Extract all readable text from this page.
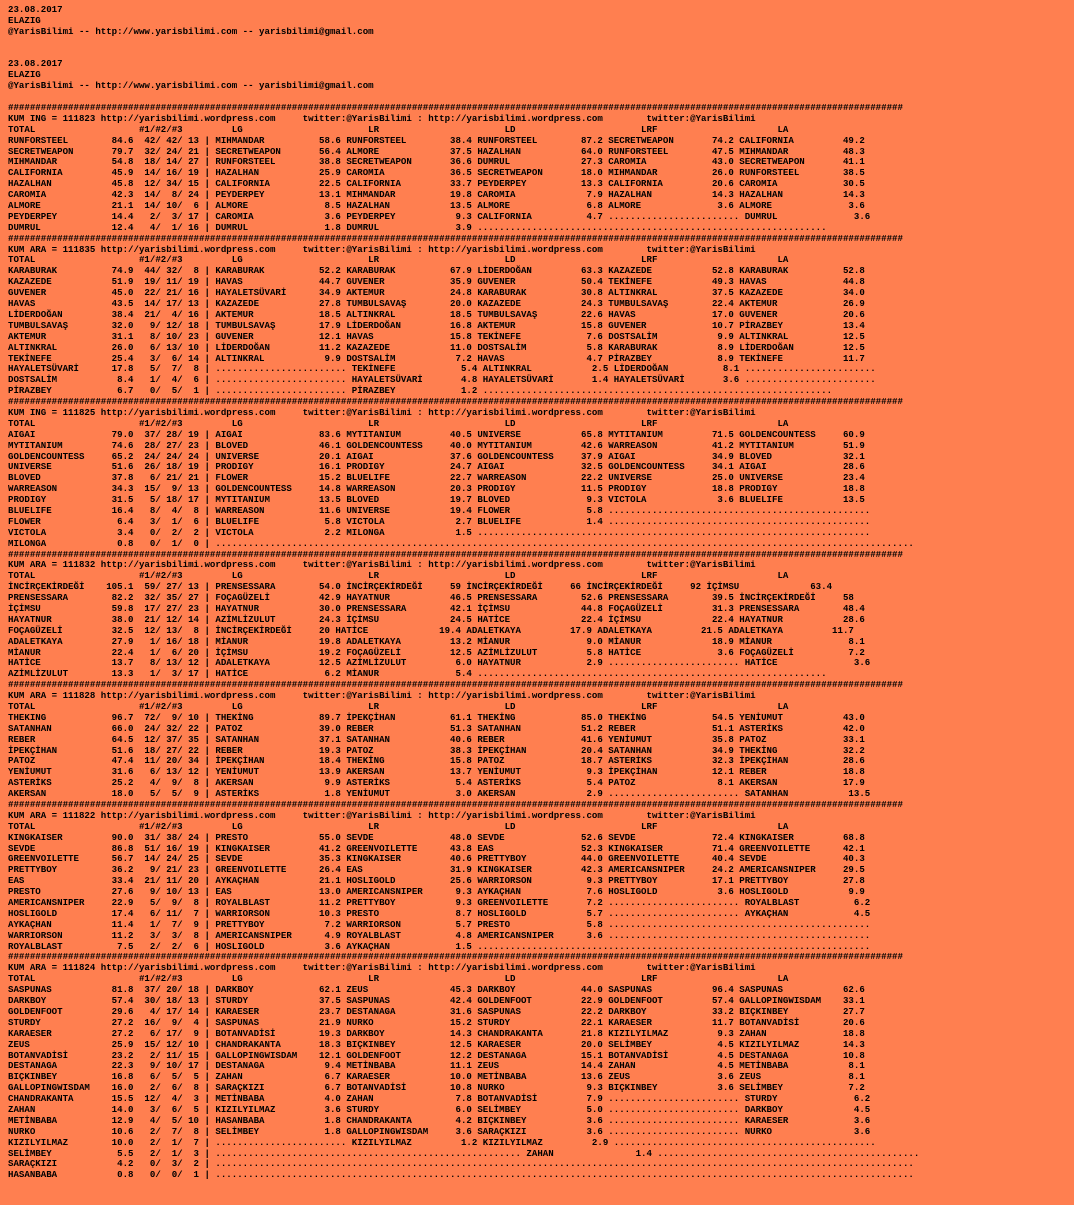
23.08.2017
ELAZIG
@YarisBilimi -- http://www.yarisbilimi.com -- yarisbilimi@gmail.com

23.08.2017
ELAZIG
@YarisBilimi -- http://www.yarisbilimi.com -- yarisbilimi@gmail.com

####################################################################################################################################################################
KUM ING = 111823 http://yarisbilimi.wordpress.com     twitter:@YarisBilimi : http://yarisbilimi.wordpress.com        twitter:@YarisBilimi
TOTAL                   #1/#2/#3         LG                       LR                       LD                       LRF                      LA
RUNFORSTEEL        84.6  42/ 42/ 13 | MIHMANDAR          58.6 RUNFORSTEEL        38.4 RUNFORSTEEL        87.2 SECRETWEAPON       74.2 CALIFORNIA         49.2
SECRETWEAPON       79.7  32/ 24/ 21 | SECRETWEAPON       56.4 ALMORE             37.5 HAZALHAN           64.0 RUNFORSTEEL        47.5 MIHMANDAR          48.3
MIHMANDAR          54.8  18/ 14/ 27 | RUNFORSTEEL        38.8 SECRETWEAPON       36.6 DUMRUL             27.3 CAROMIA            43.0 SECRETWEAPON       41.1
CALIFORNIA         45.9  14/ 16/ 19 | HAZALHAN           25.9 CAROMIA            36.5 SECRETWEAPON       18.0 MIHMANDAR          26.0 RUNFORSTEEL        38.5
HAZALHAN           45.8  12/ 34/ 15 | CALIFORNIA         22.5 CALIFORNIA         33.7 PEYDERPEY          13.3 CALIFORNIA         20.6 CAROMIA            30.5
CAROMIA            42.3  14/  8/ 24 | PEYDERPEY          13.1 MIHMANDAR          19.8 CAROMIA             7.9 HAZALHAN           14.3 HAZALHAN           14.3
ALMORE             21.1  14/ 10/  6 | ALMORE              8.5 HAZALHAN           13.5 ALMORE              6.8 ALMORE              3.6 ALMORE              3.6
PEYDERPEY          14.4   2/  3/ 17 | CAROMIA             3.6 PEYDERPEY           9.3 CALIFORNIA          4.7 ........................ DUMRUL              3.6
DUMRUL             12.4   4/  1/ 16 | DUMRUL              1.8 DUMRUL              3.9 ................................................................
####################################################################################################################################################################
KUM ARA = 111835 http://yarisbilimi.wordpress.com     twitter:@YarisBilimi : http://yarisbilimi.wordpress.com        twitter:@YarisBilimi
TOTAL                   #1/#2/#3         LG                       LR                       LD                       LRF                      LA
KARABURAK          74.9  44/ 32/  8 | KARABURAK          52.2 KARABURAK          67.9 LİDERDOĞAN         63.3 KAZAZEDE           52.8 KARABURAK          52.8
KAZAZEDE           51.9  19/ 11/ 19 | HAVAS              44.7 GUVENER            35.9 GUVENER            50.4 TEKİNEFE           49.3 HAVAS              44.8
GUVENER            45.0  22/ 21/ 16 | HAYALETSÜVARİ      34.9 AKTEMUR            24.8 KARABURAK          30.8 ALTINKRAL          37.5 KAZAZEDE           34.0
HAVAS              43.5  14/ 17/ 13 | KAZAZEDE           27.8 TUMBULSAVAŞ        20.0 KAZAZEDE           24.3 TUMBULSAVAŞ        22.4 AKTEMUR            26.9
LİDERDOĞAN         38.4  21/  4/ 16 | AKTEMUR            18.5 ALTINKRAL          18.5 TUMBULSAVAŞ        22.6 HAVAS              17.0 GUVENER            20.6
TUMBULSAVAŞ        32.0   9/ 12/ 18 | TUMBULSAVAŞ        17.9 LİDERDOĞAN         16.8 AKTEMUR            15.8 GUVENER            10.7 PİRAZBEY           13.4
AKTEMUR            31.1   8/ 10/ 23 | GUVENER            12.1 HAVAS              15.8 TEKİNEFE            7.6 DOSTSALİM           9.9 ALTINKRAL          12.5
ALTINKRAL          26.0   6/ 13/ 10 | LİDERDOĞAN         11.2 KAZAZEDE           11.0 DOSTSALİM           5.8 KARABURAK           8.9 LİDERDOĞAN         12.5
TEKİNEFE           25.4   3/  6/ 14 | ALTINKRAL           9.9 DOSTSALİM           7.2 HAVAS               4.7 PİRAZBEY            8.9 TEKİNEFE           11.7
HAYALETSÜVARİ      17.8   5/  7/  8 | ........................ TEKİNEFE            5.4 ALTINKRAL           2.5 LİDERDOĞAN          8.1 ........................
DOSTSALİM           8.4   1/  4/  6 | ........................ HAYALETSÜVARİ       4.8 HAYALETSÜVARİ       1.4 HAYALETSÜVARİ       3.6 ........................
PİRAZBEY            6.7   0/  5/  1 | ........................ PİRAZBEY            1.2 ................................................................
####################################################################################################################################################################
KUM ING = 111825 http://yarisbilimi.wordpress.com     twitter:@YarisBilimi : http://yarisbilimi.wordpress.com        twitter:@YarisBilimi
TOTAL                   #1/#2/#3         LG                       LR                       LD                       LRF                      LA
AIGAI              79.0  37/ 28/ 19 | AIGAI              83.6 MYTITANIUM         40.5 UNIVERSE           65.8 MYTITANIUM         71.5 GOLDENCOUNTESS     60.9
MYTITANIUM         74.6  28/ 27/ 23 | BLOVED             46.1 GOLDENCOUNTESS     40.0 MYTITANIUM         42.6 WARREASON          41.2 MYTITANIUM         51.9
GOLDENCOUNTESS     65.2  24/ 24/ 24 | UNIVERSE           20.1 AIGAI              37.6 GOLDENCOUNTESS     37.9 AIGAI              34.9 BLOVED             32.1
UNIVERSE           51.6  26/ 18/ 19 | PRODIGY            16.1 PRODIGY            24.7 AIGAI              32.5 GOLDENCOUNTESS     34.1 AIGAI              28.6
BLOVED             37.8   6/ 21/ 21 | FLOWER             15.2 BLUELIFE           22.7 WARREASON          22.2 UNIVERSE           25.0 UNIVERSE           23.4
WARREASON          34.3  15/  9/ 13 | GOLDENCOUNTESS     14.8 WARREASON          20.3 PRODIGY            11.5 PRODIGY            18.8 PRODIGY            18.8
PRODIGY            31.5   5/ 18/ 17 | MYTITANIUM         13.5 BLOVED             19.7 BLOVED              9.3 VICTOLA             3.6 BLUELIFE           13.5
BLUELIFE           16.4   8/  4/  8 | WARREASON          11.6 UNIVERSE           19.4 FLOWER              5.8 ................................................
FLOWER              6.4   3/  1/  6 | BLUELIFE            5.8 VICTOLA             2.7 BLUELIFE            1.4 ................................................
VICTOLA             3.4   0/  2/  2 | VICTOLA             2.2 MILONGA             1.5 ........................................................................
MILONGA             0.8   0/  1/  0 | ................................................................................................................................
####################################################################################################################################################################
KUM ARA = 111832 http://yarisbilimi.wordpress.com     twitter:@YarisBilimi : http://yarisbilimi.wordpress.com        twitter:@YarisBilimi
TOTAL                   #1/#2/#3         LG                       LR                       LD                       LRF                      LA
İNCİRÇEKİRDEĞİ    105.1  59/ 27/ 13 | PRENSESSARA        54.0 İNCİRÇEKİRDEĞİ     59 İNCİRÇEKİRDEĞİ     66 İNCİRÇEKİRDEĞİ     92 İÇİMSU             63.4
PRENSESSARA        82.2  32/ 35/ 27 | FOÇAGÜZELİ         42.9 HAYATNUR           46.5 PRENSESSARA        52.6 PRENSESSARA        39.5 İNCİRÇEKİRDEĞİ     58
İÇİMSU             59.8  17/ 27/ 23 | HAYATNUR           30.0 PRENSESSARA        42.1 İÇİMSU             44.8 FOÇAGÜZELİ         31.3 PRENSESSARA        48.4
HAYATNUR           38.0  21/ 12/ 14 | AZİMLİZULUT        24.3 İÇİMSU             24.5 HATİCE             22.4 İÇİMSU             22.4 HAYATNUR           28.6
FOÇAGÜZELİ         32.5  12/ 13/  8 | İNCİRÇEKİRDEĞİ     20 HATİCE             19.4 ADALETKAYA         17.9 ADALETKAYA         21.5 ADALETKAYA         11.7
ADALETKAYA         27.9   1/ 16/ 18 | MİANUR             19.8 ADALETKAYA         13.2 MİANUR              9.0 MİANUR             18.9 MİANUR              8.1
MİANUR             22.4   1/  6/ 20 | İÇİMSU             19.2 FOÇAGÜZELİ         12.5 AZİMLİZULUT         5.8 HATİCE              3.6 FOÇAGÜZELİ          7.2
HATİCE             13.7   8/ 13/ 12 | ADALETKAYA         12.5 AZİMLİZULUT         6.0 HAYATNUR            2.9 ........................ HATİCE              3.6
AZİMLİZULUT        13.3   1/  3/ 17 | HATİCE              6.2 MİANUR              5.4 ................................................................
####################################################################################################################################################################
KUM ARA = 111828 http://yarisbilimi.wordpress.com     twitter:@YarisBilimi : http://yarisbilimi.wordpress.com        twitter:@YarisBilimi
TOTAL                   #1/#2/#3         LG                       LR                       LD                       LRF                      LA
THEKING            96.7  72/  9/ 10 | THEKİNG            89.7 İPEKÇİHAN          61.1 THEKİNG            85.0 THEKİNG            54.5 YENİUMUT           43.0
SATANHAN           66.0  24/ 32/ 22 | PATOZ              39.0 REBER              51.3 SATANHAN           51.2 REBER              51.1 ASTERİKS           42.0
REBER              64.5  12/ 37/ 35 | SATANHAN           37.1 SATANHAN           40.6 REBER              41.6 YENİUMUT           35.8 PATOZ              33.1
İPEKÇİHAN          51.6  18/ 27/ 22 | REBER              19.3 PATOZ              38.3 İPEKÇİHAN          20.4 SATANHAN           34.9 THEKİNG            32.2
PATOZ              47.4  11/ 20/ 34 | İPEKÇİHAN          18.4 THEKİNG            15.8 PATOZ              18.7 ASTERİKS           32.3 İPEKÇİHAN          28.6
YENİUMUT           31.6   6/ 13/ 12 | YENİUMUT           13.9 AKERSAN            13.7 YENİUMUT            9.3 İPEKÇİHAN          12.1 REBER              18.8
ASTERİKS           25.2   4/  9/  8 | AKERSAN             9.9 ASTERİKS            5.4 ASTERİKS            5.4 PATOZ               8.1 AKERSAN            17.9
AKERSAN            18.0   5/  5/  9 | ASTERİKS            1.8 YENİUMUT            3.0 AKERSAN             2.9 ........................ SATANHAN           13.5
####################################################################################################################################################################
KUM ARA = 111822 http://yarisbilimi.wordpress.com     twitter:@YarisBilimi : http://yarisbilimi.wordpress.com        twitter:@YarisBilimi
TOTAL                   #1/#2/#3         LG                       LR                       LD                       LRF                      LA
KINGKAISER         90.0  31/ 38/ 24 | PRESTO             55.0 SEVDE              48.0 SEVDE              52.6 SEVDE              72.4 KINGKAISER         68.8
SEVDE              86.8  51/ 16/ 19 | KINGKAISER         41.2 GREENVOILETTE      43.8 EAS                52.3 KINGKAISER         71.4 GREENVOILETTE      42.1
GREENVOILETTE      56.7  14/ 24/ 25 | SEVDE              35.3 KINGKAISER         40.6 PRETTYBOY          44.0 GREENVOILETTE      40.4 SEVDE              40.3
PRETTYBOY          36.2   9/ 21/ 23 | GREENVOILETTE      26.4 EAS                31.9 KINGKAISER         42.3 AMERICANSNIPER     24.2 AMERICANSNIPER     29.5
EAS                33.4  21/ 11/ 20 | AYKAÇHAN           21.1 HOSLIGOLD          25.6 WARRIORSON          9.3 PRETTYBOY          17.1 PRETTYBOY          27.8
PRESTO             27.6   9/ 10/ 13 | EAS                13.0 AMERICANSNIPER      9.3 AYKAÇHAN            7.6 HOSLIGOLD           3.6 HOSLIGOLD           9.9
AMERICANSNIPER     22.9   5/  9/  8 | ROYALBLAST         11.2 PRETTYBOY           9.3 GREENVOILETTE       7.2 ........................ ROYALBLAST          6.2
HOSLIGOLD          17.4   6/ 11/  7 | WARRIORSON         10.3 PRESTO              8.7 HOSLIGOLD           5.7 ........................ AYKAÇHAN            4.5
AYKAÇHAN           11.4   1/  7/  9 | PRETTYBOY           7.2 WARRIORSON          5.7 PRESTO              5.8 ................................................
WARRIORSON         11.2   3/  3/  8 | AMERICANSNIPER      4.9 ROYALBLAST          4.8 AMERICANSNIPER      3.6 ................................................
ROYALBLAST          7.5   2/  2/  6 | HOSLIGOLD           3.6 AYKAÇHAN            1.5 ........................................................................
####################################################################################################################################################################
KUM ARA = 111824 http://yarisbilimi.wordpress.com     twitter:@YarisBilimi : http://yarisbilimi.wordpress.com        twitter:@YarisBilimi
TOTAL                   #1/#2/#3         LG                       LR                       LD                       LRF                      LA
SASPUNAS           81.8  37/ 20/ 18 | DARKBOY            62.1 ZEUS               45.3 DARKBOY            44.0 SASPUNAS           96.4 SASPUNAS           62.6
DARKBOY            57.4  30/ 18/ 13 | STURDY             37.5 SASPUNAS           42.4 GOLDENFOOT         22.9 GOLDENFOOT         57.4 GALLOPINGWISDAM    33.1
GOLDENFOOT         29.6   4/ 17/ 14 | KARAESER           23.7 DESTANAGA          31.6 SASPUNAS           22.2 DARKBOY            33.2 BIÇKINBEY          27.7
STURDY             27.2  16/  9/  4 | SASPUNAS           21.9 NURKO              15.2 STURDY             22.1 KARAESER           11.7 BOTANVADİSİ        20.6
KARAESER           27.2   6/ 17/  9 | BOTANVADİSİ        19.3 DARKBOY            14.3 CHANDRAKANTA       21.8 KIZILYILMAZ         9.3 ZAHAN              18.8
ZEUS               25.9  15/ 12/ 10 | CHANDRAKANTA       18.3 BIÇKINBEY          12.5 KARAESER           20.0 SELİMBEY            4.5 KIZILYILMAZ        14.3
BOTANVADİSİ        23.2   2/ 11/ 15 | GALLOPINGWISDAM    12.1 GOLDENFOOT         12.2 DESTANAGA          15.1 BOTANVADİSİ         4.5 DESTANAGA          10.8
DESTANAGA          22.3   9/ 10/ 17 | DESTANAGA           9.4 METİNBABA          11.1 ZEUS               14.4 ZAHAN               4.5 METİNBABA           8.1
BIÇKINBEY          16.8   6/  5/  5 | ZAHAN               6.7 KARAESER           10.0 METİNBABA          13.6 ZEUS                3.6 ZEUS                8.1
GALLOPINGWISDAM    16.0   2/  6/  8 | SARAÇKIZI           6.7 BOTANVADİSİ        10.8 NURKO               9.3 BIÇKINBEY           3.6 SELİMBEY            7.2
CHANDRAKANTA       15.5  12/  4/  3 | METİNBABA           4.0 ZAHAN               7.8 BOTANVADİSİ         7.9 ........................ STURDY              6.2
ZAHAN              14.0   3/  6/  5 | KIZILYILMAZ         3.6 STURDY              6.0 SELİMBEY            5.0 ........................ DARKBOY             4.5
METİNBABA          12.9   4/  5/ 10 | HASANBABA           1.8 CHANDRAKANTA        4.2 BIÇKINBEY           3.6 ........................ KARAESER            3.6
NURKO              10.6   2/  7/  8 | SELİMBEY            1.8 GALLOPINGWISDAM     3.6 SARAÇKIZI           3.6 ........................ NURKO               3.6
KIZILYILMAZ        10.0   2/  1/  7 | ........................ KIZILYILMAZ         1.2 KIZILYILMAZ         2.9 ................................................
SELİMBEY            5.5   2/  1/  3 | ........................................................ ZAHAN               1.4 ................................................
SARAÇKIZI           4.2   0/  3/  2 | ................................................................................................................................
HASANBABA           0.8   0/  0/  1 | ................................................................................................................................
